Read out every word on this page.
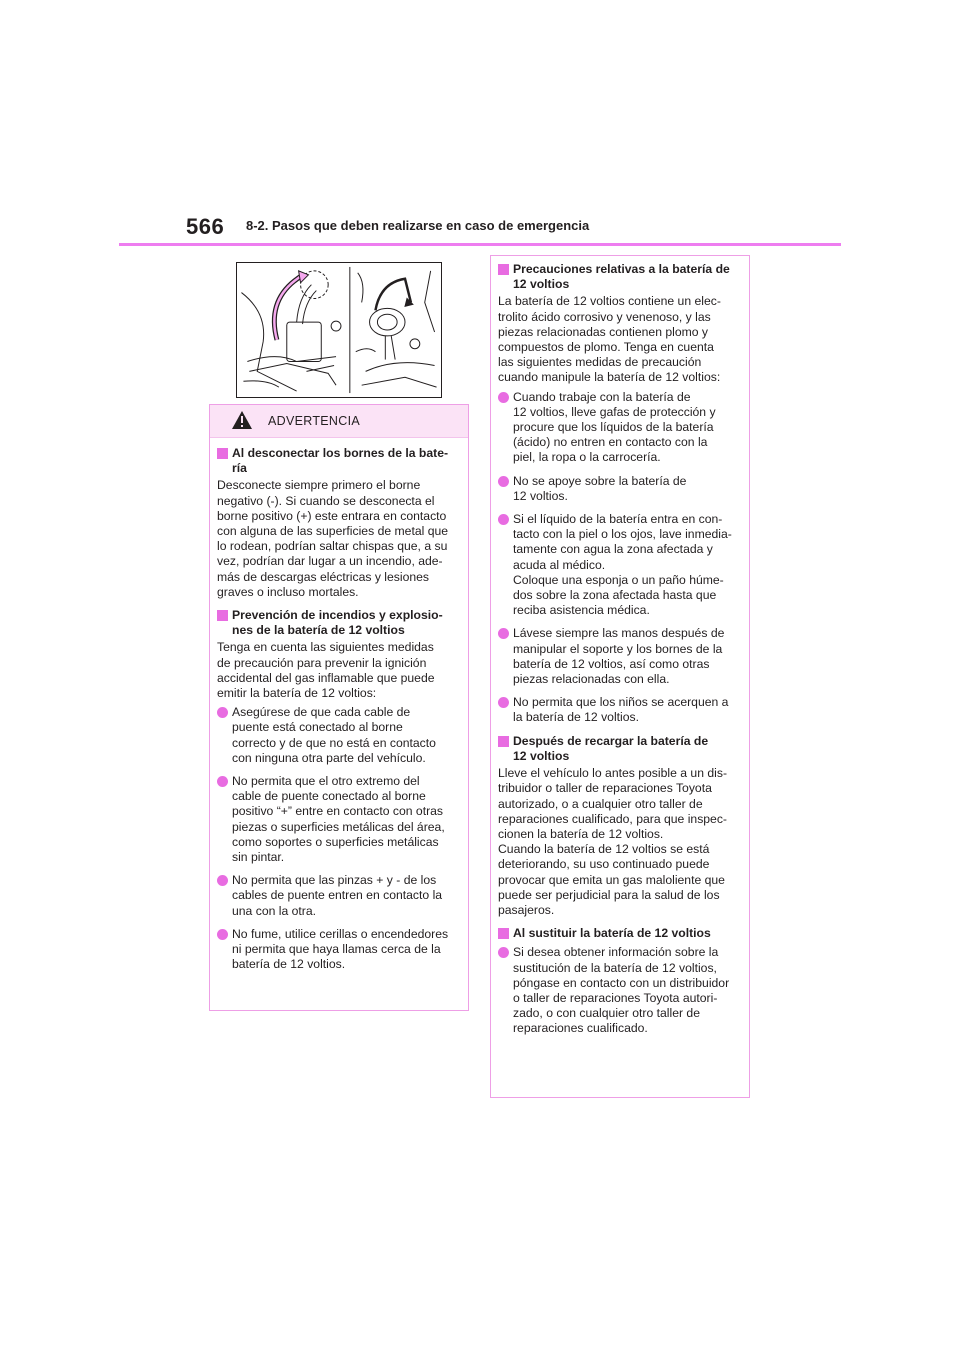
566 8-2. Pasos que deben realizarse en caso de emergencia
ADVERTENCIA
Al desconectar los bornes de la bate-
ría

Desconecte siempre primero el borne
negativo (-). Si cuando se desconecta el
borne positivo (+) este entrara en contacto
con alguna de las superficies de metal que
lo rodean, podrían saltar chispas que, a su
vez, podrían dar lugar a un incendio, ade-
más de descargas eléctricas y lesiones
graves o incluso mortales.

Prevención de incendios y explosio-
nes de la batería de 12 voltios

Tenga en cuenta las siguientes medidas
de precaución para prevenir la ignición
accidental del gas inflamable que puede
emitir la batería de 12 voltios:

Asegúrese de que cada cable de
puente está conectado al borne
correcto y de que no está en contacto
con ninguna otra parte del vehículo.
No permita que el otro extremo del
cable de puente conectado al borne
positivo “+” entre en contacto con otras
piezas o superficies metálicas del área,
como soportes o superficies metálicas
sin pintar.
No permita que las pinzas + y - de los
cables de puente entren en contacto la
una con la otra.
No fume, utilice cerillas o encendedores
ni permita que haya llamas cerca de la
batería de 12 voltios.
Precauciones relativas a la batería de
12 voltios

La batería de 12 voltios contiene un elec-
trolito ácido corrosivo y venenoso, y las
piezas relacionadas contienen plomo y
compuestos de plomo. Tenga en cuenta
las siguientes medidas de precaución
cuando manipule la batería de 12 voltios:

Cuando trabaje con la batería de
12 voltios, lleve gafas de protección y
procure que los líquidos de la batería
(ácido) no entren en contacto con la
piel, la ropa o la carrocería.
No se apoye sobre la batería de
12 voltios.
Si el líquido de la batería entra en con-
tacto con la piel o los ojos, lave inmedia-
tamente con agua la zona afectada y
acuda al médico.
Coloque una esponja o un paño húme-
dos sobre la zona afectada hasta que
reciba asistencia médica.
Lávese siempre las manos después de
manipular el soporte y los bornes de la
batería de 12 voltios, así como otras
piezas relacionadas con ella.
No permita que los niños se acerquen a
la batería de 12 voltios.
Después de recargar la batería de
12 voltios

Lleve el vehículo lo antes posible a un dis-
tribuidor o taller de reparaciones Toyota
autorizado, o a cualquier otro taller de
reparaciones cualificado, para que inspec-
cionen la batería de 12 voltios.
Cuando la batería de 12 voltios se está
deteriorando, su uso continuado puede
provocar que emita un gas maloliente que
puede ser perjudicial para la salud de los
pasajeros.

Al sustituir la batería de 12 voltios
Si desea obtener información sobre la
sustitución de la batería de 12 voltios,
póngase en contacto con un distribuidor
o taller de reparaciones Toyota autori-
zado, o con cualquier otro taller de
reparaciones cualificado.
